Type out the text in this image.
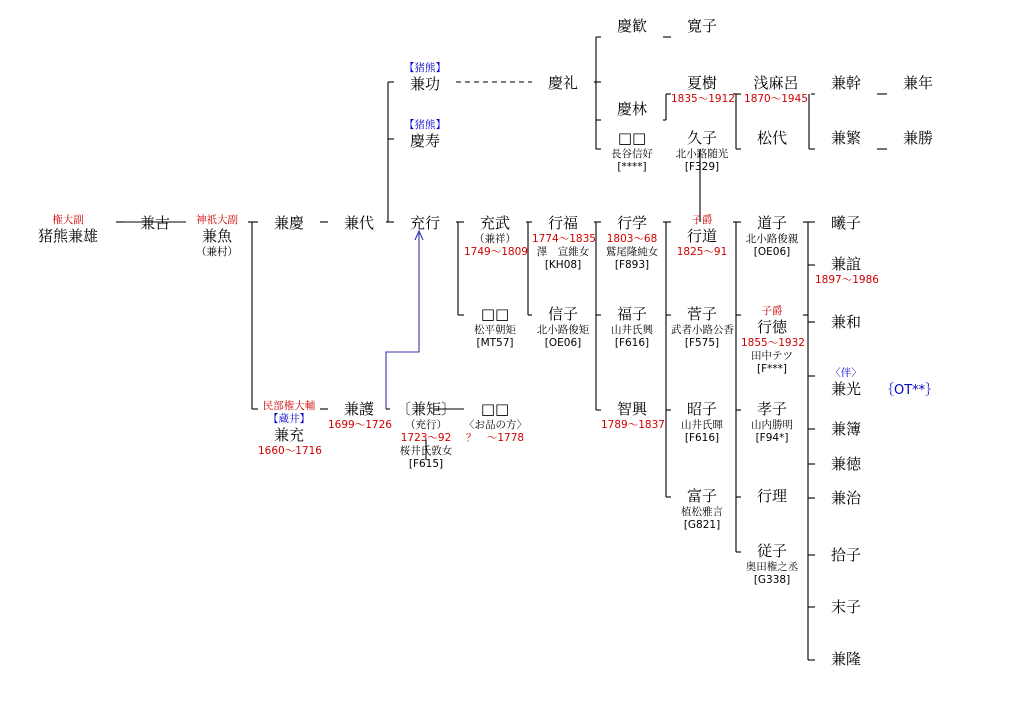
権大副
猪熊兼雄
兼古	神祇大副
兼魚
（兼村）
兼慶	兼代	充行
【猪熊】
兼功
【猪熊】
慶寿
慶礼
慶歓
慶林
□□
長谷信好
[****]
寛子
夏樹
1835〜1912
久子
北小路随光
[F329]
浅麻呂
1870〜1945
松代
兼幹	兼年
兼繁	兼勝
充武
（兼祥）
1749〜1809
□□
松平朝矩
[MT57]
行福
1774〜1835
澤　宣維女
[KH08]
信子
北小路俊矩
[OE06]
□□
〈お品の方〉
？　〜1778
行学
1803〜68
鷲尾隆純女
[F893]
福子
山井氏興
[F616]
智興
1789〜1837
子爵
行道
1825〜91
菅子
武者小路公香
[F575]
昭子
山井氏暉
[F616]
富子
植松雅言
[G821]
道子
北小路俊親
[OE06]
子爵
行徳
1855〜1932
田中テツ
[F***]
孝子
山内勝明
[F94*]
行理
従子
奥田権之丞
[G338]
曦子
兼誼
1897〜1986
兼和
〈伴〉
兼光	｛OT**｝
兼簿
兼徳
兼治
拾子
末子
兼隆
民部権大輔
【蔵井】
兼充
1660〜1716
兼護
1699〜1726
〔兼矩〕
（充行）
1723〜92
桜井氏敦女
[F615]
